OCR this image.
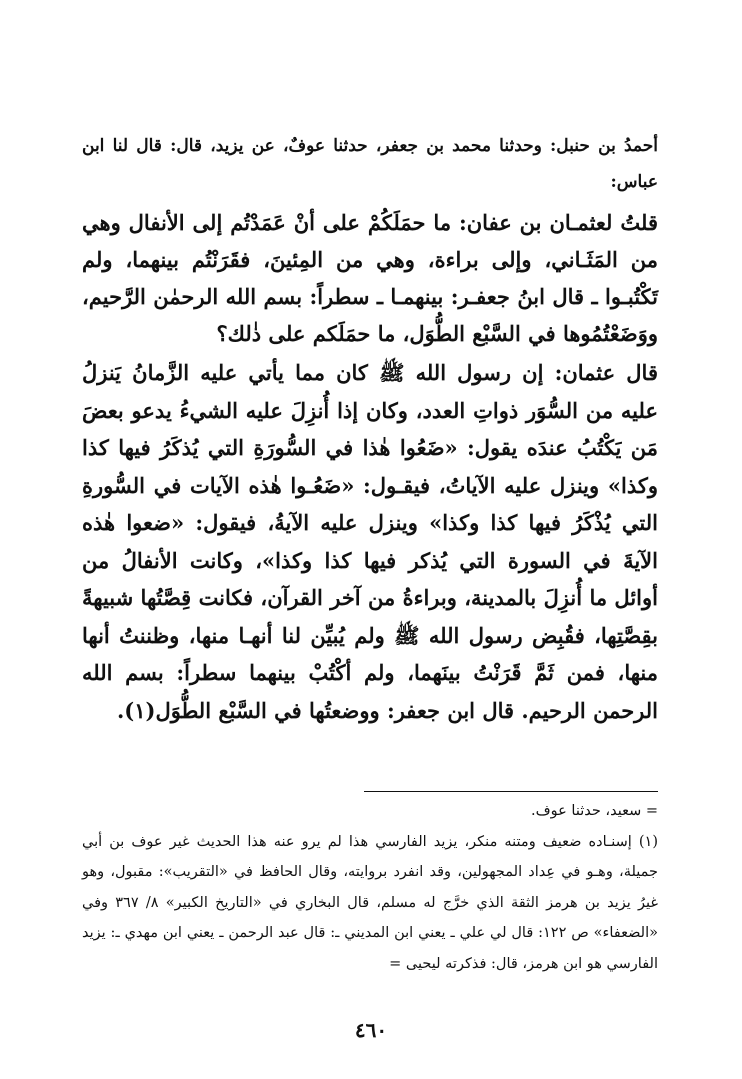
أحمدُ بن حنبل: وحدثنا محمد بن جعفر، حدثنا عوفٌ، عن يزيد، قال: قال لنا ابن عباس:
قلتُ لعثمـان بن عفان: ما حمَلَكُمْ على أنْ عَمَدْتُم إلى الأنفال وهي من المَثَـاني، وإلى براءة، وهي من المِئينَ، فقَرَنْتُم بينهما، ولم تَكْتُبـوا ـ قال ابنُ جعفـر: بينهمـا ـ سطراً: بسم الله الرحمٰن الرَّحيم، ووَضَعْتُمُوها في السَّبْع الطُّوَل، ما حمَلَكم على ذٰلك؟
قال عثمان: إن رسول الله ﷺ كان مما يأتي عليه الزَّمانُ يَنزلُ عليه من السُّوَر ذواتِ العدد، وكان إذا أُنزِلَ عليه الشيءُ يدعو بعضَ مَن يَكْتُبُ عندَه يقول: «ضَعُوا هٰذا في السُّورَةِ التي يُذكَرُ فيها كذا وكذا» وينزل عليه الآياتُ، فيقـول: «ضَعُـوا هٰذه الآيات في السُّورةِ التي يُذْكَرُ فيها كذا وكذا» وينزل عليه الآيةُ، فيقول: «ضعوا هٰذه الآيةَ في السورة التي يُذكر فيها كذا وكذا»، وكانت الأنفالُ من أوائل ما أُنزِلَ بالمدينة، وبراءةُ من آخر القرآن، فكانت قِصَّتُها شبيهةً بقِصَّتِها، فقُبِض رسول الله ﷺ ولم يُبيِّن لنا أنهـا منها، وظننتُ أنها منها، فمن ثَمَّ قَرَنْتُ بينَهما، ولم أكْتُبْ بينهما سطراً: بسم الله الرحمن الرحيم. قال ابن جعفر: ووضعتُها في السَّبْع الطُّوَل(١).
= سعيد، حدثنا عوف.
(١) إسنـاده ضعيف ومتنه منكر، يزيد الفارسي هذا لم يرو عنه هذا الحديث غير عوف بن أبي جميلة، وهـو في عِداد المجهولين، وقد انفرد بروايته، وقال الحافظ في «التقريب»: مقبول، وهو غيرُ يزيد بن هرمز الثقة الذي خرَّج له مسلم، قال البخاري في «التاريخ الكبير» ٨/ ٣٦٧ وفي «الضعفاء» ص ١٢٢: قال لي علي ـ يعني ابن المديني ـ: قال عبد الرحمن ـ يعني ابن مهدي ـ: يزيد الفارسي هو ابن هرمز، قال: فذكرته ليحيى =
٤٦٠
